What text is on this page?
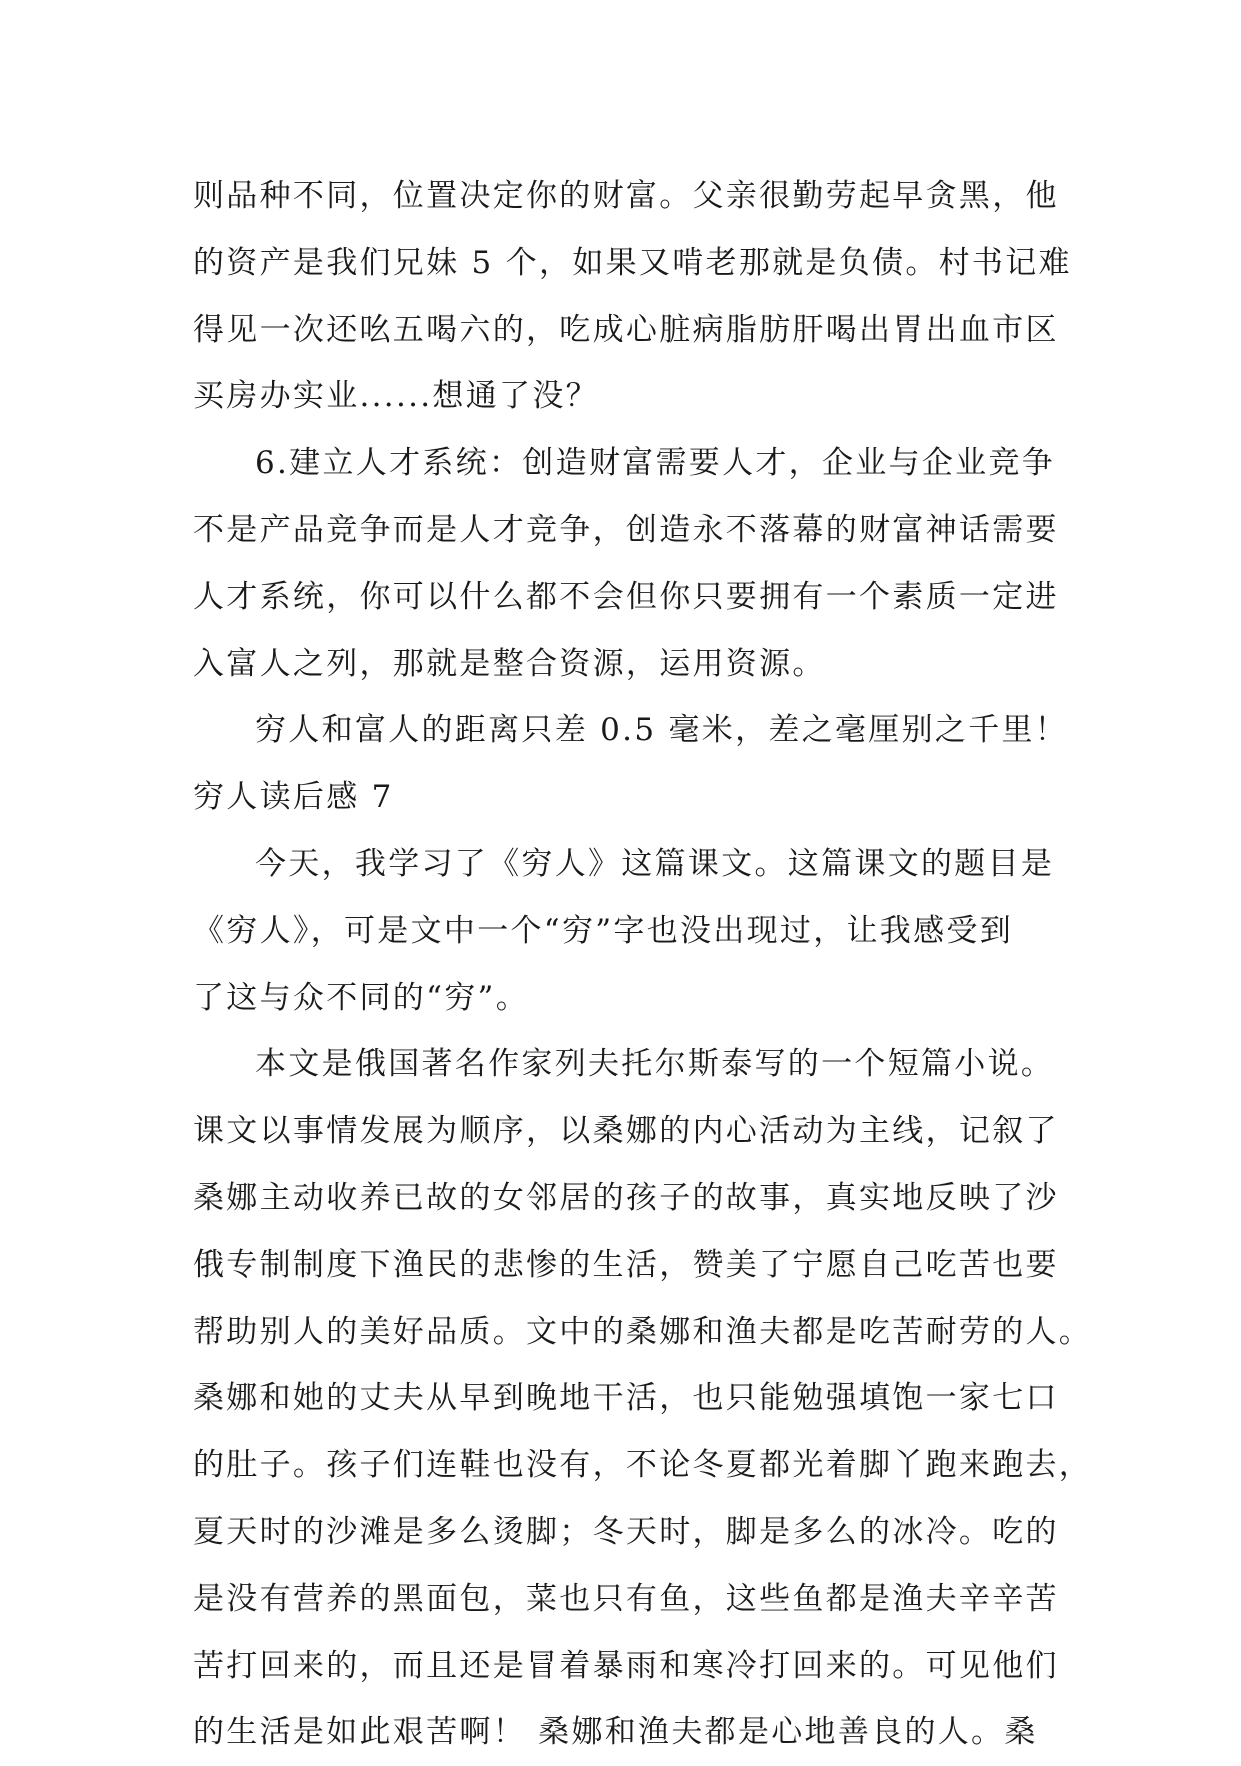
则品种不同，位置决定你的财富。父亲很勤劳起早贪黑，他
的资产是我们兄妹 5 个，如果又啃老那就是负债。村书记难
得见一次还吆五喝六的，吃成心脏病脂肪肝喝出胃出血市区
买房办实业......想通了没？
6.建立人才系统：创造财富需要人才，企业与企业竞争
不是产品竞争而是人才竞争，创造永不落幕的财富神话需要
人才系统，你可以什么都不会但你只要拥有一个素质一定进
入富人之列，那就是整合资源，运用资源。
穷人和富人的距离只差 0.5 毫米，差之毫厘别之千里！
穷人读后感 7
今天，我学习了《穷人》这篇课文。这篇课文的题目是
《穷人》，可是文中一个“穷”字也没出现过，让我感受到
了这与众不同的“穷”。
本文是俄国著名作家列夫托尔斯泰写的一个短篇小说。
课文以事情发展为顺序，以桑娜的内心活动为主线，记叙了
桑娜主动收养已故的女邻居的孩子的故事，真实地反映了沙
俄专制制度下渔民的悲惨的生活，赞美了宁愿自己吃苦也要
帮助别人的美好品质。文中的桑娜和渔夫都是吃苦耐劳的人。
桑娜和她的丈夫从早到晚地干活，也只能勉强填饱一家七口
的肚子。孩子们连鞋也没有，不论冬夏都光着脚丫跑来跑去，
夏天时的沙滩是多么烫脚；冬天时，脚是多么的冰冷。吃的
是没有营养的黑面包，菜也只有鱼，这些鱼都是渔夫辛辛苦
苦打回来的，而且还是冒着暴雨和寒冷打回来的。可见他们
的生活是如此艰苦啊！ 桑娜和渔夫都是心地善良的人。桑
